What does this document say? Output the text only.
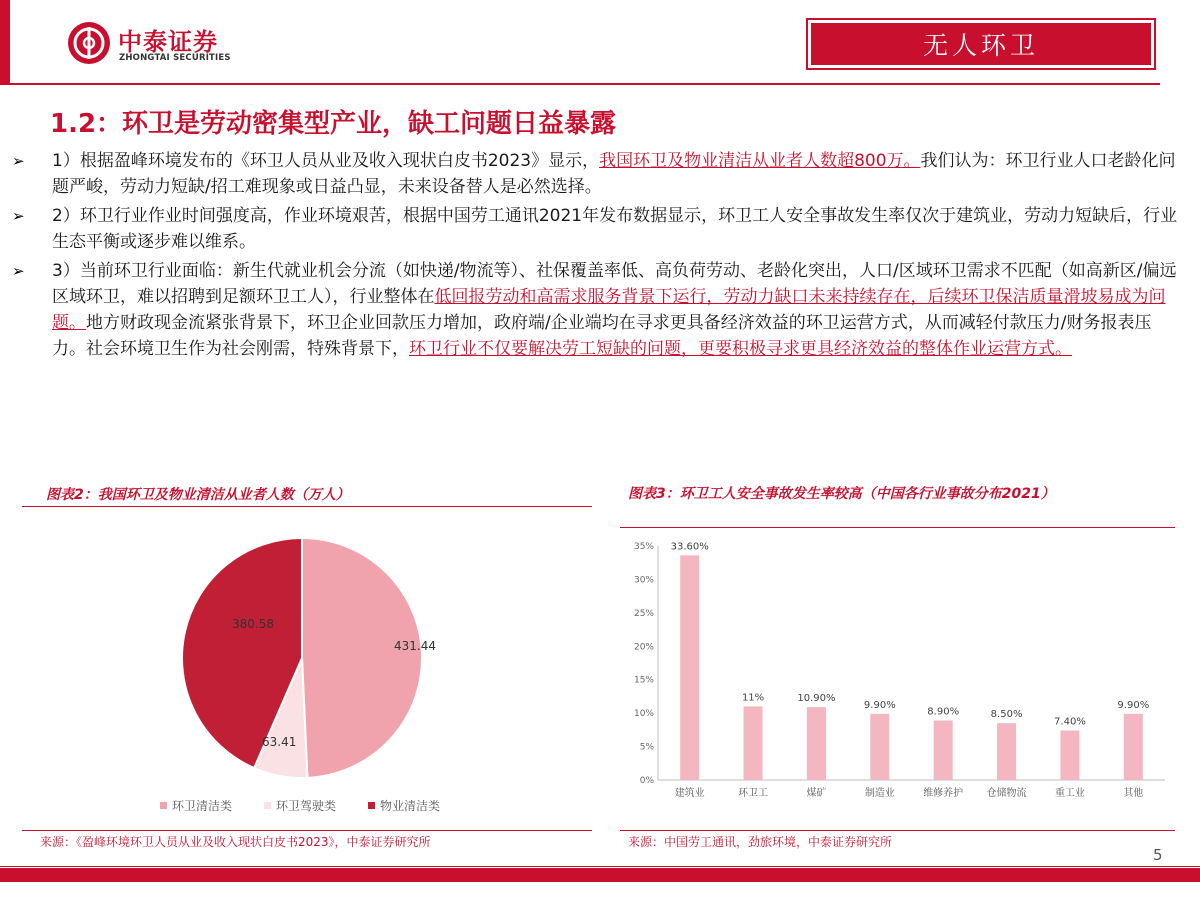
中泰证券
ZHONGTAI SECURITIES	无人环卫
1.2：环卫是劳动密集型产业，缺工问题日益暴露
➢ 1）根据盈峰环境发布的《环卫人员从业及收入现状白皮书2023》显示，我国环卫及物业清洁从业者人数超800万。我们认为：环卫行业人口老龄化问题严峻，劳动力短缺/招工难现象或日益凸显，未来设备替人是必然选择。
➢ 2）环卫行业作业时间强度高，作业环境艰苦，根据中国劳工通讯2021年发布数据显示，环卫工人安全事故发生率仅次于建筑业，劳动力短缺后，行业生态平衡或逐步难以维系。
➢ 3）当前环卫行业面临：新生代就业机会分流（如快递/物流等）、社保覆盖率低、高负荷劳动、老龄化突出，人口/区域环卫需求不匹配（如高新区/偏远区域环卫，难以招聘到足额环卫工人），行业整体在低回报劳动和高需求服务背景下运行，劳动力缺口未来持续存在，后续环卫保洁质量滑坡易成为问题。地方财政现金流紧张背景下，环卫企业回款压力增加，政府端/企业端均在寻求更具备经济效益的环卫运营方式，从而减轻付款压力/财务报表压力。社会环境卫生作为社会刚需，特殊背景下，环卫行业不仅要解决劳工短缺的问题，更要积极寻求更具经济效益的整体作业运营方式。
图表2：我国环卫及物业清洁从业者人数（万人）
431.44
63.41
380.58
环卫清洁类	环卫驾驶类	物业清洁类
来源：《盈峰环境环卫人员从业及收入现状白皮书2023》，中泰证券研究所
图表3：环卫工人安全事故发生率较高（中国各行业事故分布2021）
0%
5%
10%
15%
20%
25%
30%
35% 33.60%
建筑业
11%
环卫工
10.90%
煤矿
9.90%
制造业
8.90%
维修养护
8.50%
仓储物流
7.40%
重工业
9.90%
其他
来源：中国劳工通讯，劲旅环境，中泰证券研究所
5
